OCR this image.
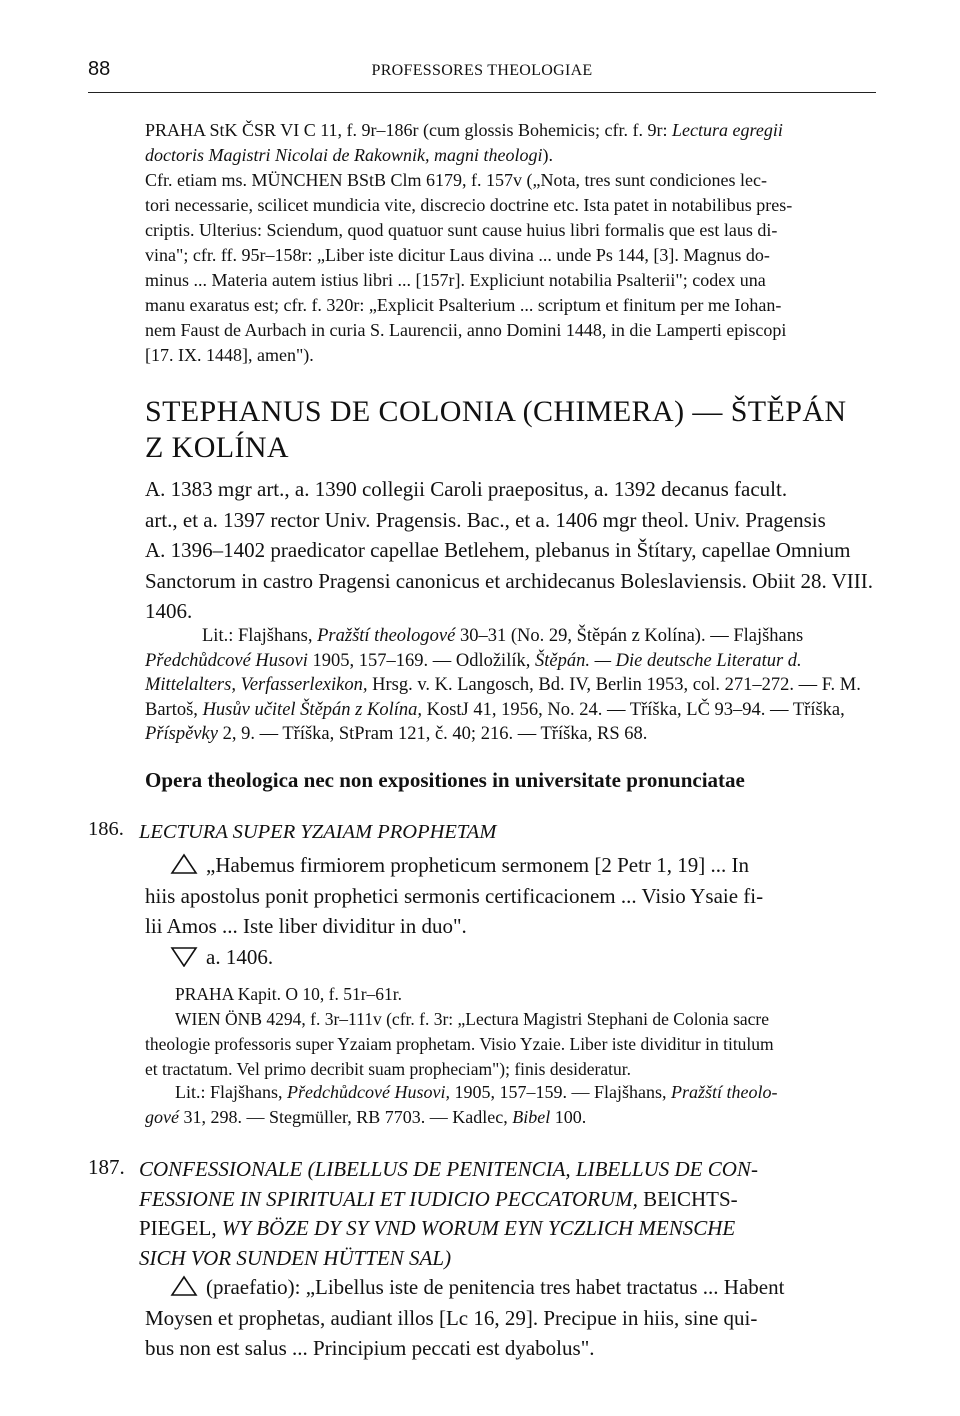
88	PROFESSORES THEOLOGIAE
PRAHA StK ČSR VI C 11, f. 9r–186r (cum glossis Bohemicis; cfr. f. 9r: Lectura egregii
doctoris Magistri Nicolai de Rakownik, magni theologi).
Cfr. etiam ms. MÜNCHEN BStB Clm 6179, f. 157v („Nota, tres sunt condiciones lec-
tori necessarie, scilicet mundicia vite, discrecio doctrine etc. Ista patet in notabilibus pres-
criptis. Ulterius: Sciendum, quod quatuor sunt cause huius libri formalis que est laus di-
vina"; cfr. ff. 95r–158r: „Liber iste dicitur Laus divina ... unde Ps 144, [3]. Magnus do-
minus ... Materia autem istius libri ... [157r]. Expliciunt notabilia Psalterii"; codex una
manu exaratus est; cfr. f. 320r: „Explicit Psalterium ... scriptum et finitum per me Iohan-
nem Faust de Aurbach in curia S. Laurencii, anno Domini 1448, in die Lamperti episcopi
[17. IX. 1448], amen").
STEPHANUS DE COLONIA (CHIMERA) — ŠTĚPÁN
Z KOLÍNA
A. 1383 mgr art., a. 1390 collegii Caroli praepositus, a. 1392 decanus facult.
art., et a. 1397 rector Univ. Pragensis. Bac., et a. 1406 mgr theol. Univ. Pragensis
A. 1396–1402 praedicator capellae Betlehem, plebanus in Štítary, capellae Omnium
Sanctorum in castro Pragensi canonicus et archidecanus Boleslaviensis. Obiit 28. VIII.
1406.
Lit.: Flajšhans, Pražští theologové 30–31 (No. 29, Štěpán z Kolína). — Flajšhans
Předchůdcové Husovi 1905, 157–169. — Odložilík, Štěpán. — Die deutsche Literatur d.
Mittelalters, Verfasserlexikon, Hrsg. v. K. Langosch, Bd. IV, Berlin 1953, col. 271–272. — F. M.
Bartoš, Husův učitel Štěpán z Kolína, KostJ 41, 1956, No. 24. — Tříška, LČ 93–94. — Tříška,
Příspěvky 2, 9. — Tříška, StPram 121, č. 40; 216. — Tříška, RS 68.
Opera theologica nec non expositiones in universitate pronunciatae
186. LECTURA SUPER YZAIAM PROPHETAM
„Habemus firmiorem propheticum sermonem [2 Petr 1, 19] ... In
hiis apostolus ponit prophetici sermonis certificacionem ... Visio Ysaie fi-
lii Amos ... Iste liber dividitur in duo".
a. 1406.
PRAHA Kapit. O 10, f. 51r–61r.
WIEN ÖNB 4294, f. 3r–111v (cfr. f. 3r: „Lectura Magistri Stephani de Colonia sacre
theologie professoris super Yzaiam prophetam. Visio Yzaie. Liber iste dividitur in titulum
et tractatum. Vel primo decribit suam propheciam"); finis desideratur.
Lit.: Flajšhans, Předchůdcové Husovi, 1905, 157–159. — Flajšhans, Pražští theolo-
gové 31, 298. — Stegmüller, RB 7703. — Kadlec, Bibel 100.
187. CONFESSIONALE (LIBELLUS DE PENITENCIA, LIBELLUS DE CON-
FESSIONE IN SPIRITUALI ET IUDICIO PECCATORUM, BEICHTS-
PIEGEL, WY BÖZE DY SY VND WORUM EYN YCZLICH MENSCHE
SICH VOR SUNDEN HÜTTEN SAL)
(praefatio): „Libellus iste de penitencia tres habet tractatus ... Habent
Moysen et prophetas, audiant illos [Lc 16, 29]. Precipue in hiis, sine qui-
bus non est salus ... Principium peccati est dyabolus".
